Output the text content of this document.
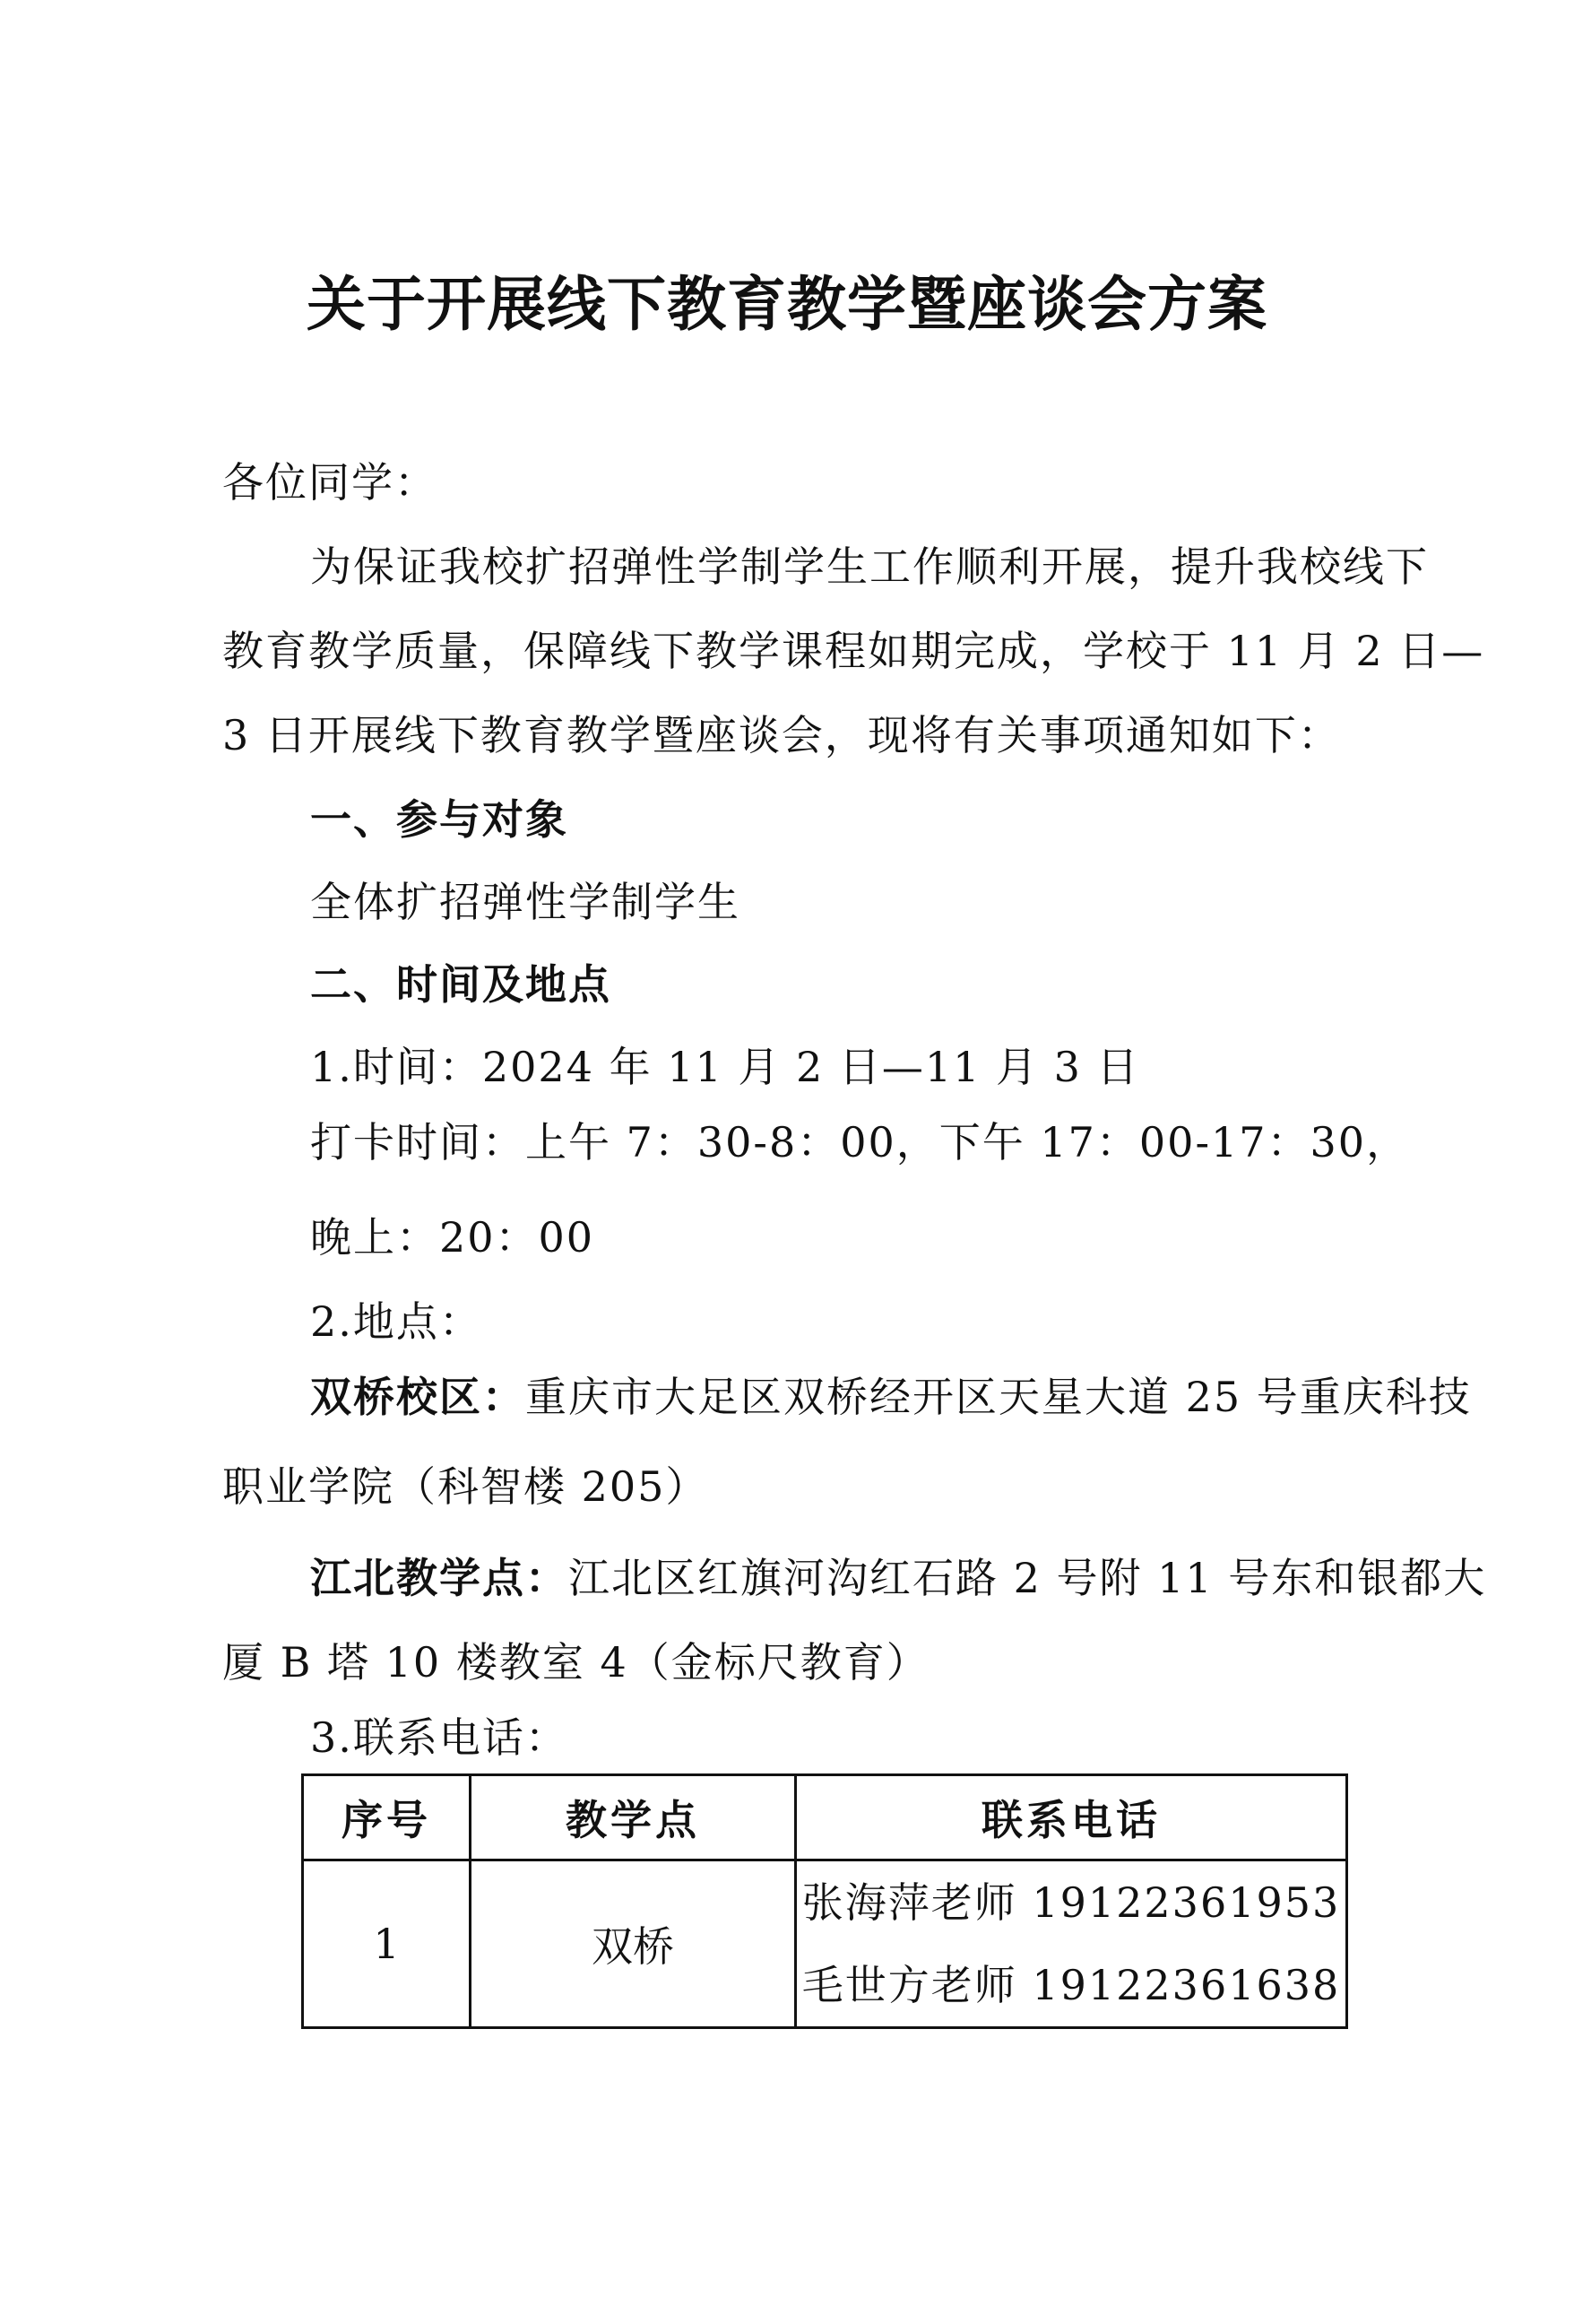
关于开展线下教育教学暨座谈会方案
各位同学：
为保证我校扩招弹性学制学生工作顺利开展，提升我校线下
教育教学质量，保障线下教学课程如期完成，学校于 11 月 2 日—
3 日开展线下教育教学暨座谈会，现将有关事项通知如下：
一、参与对象
全体扩招弹性学制学生
二、时间及地点
1.时间：2024 年 11 月 2 日—11 月 3 日
打卡时间：上午 7：30-8：00，下午 17：00-17：30，
晚上：20：00
2.地点：
双桥校区：重庆市大足区双桥经开区天星大道 25 号重庆科技
职业学院（科智楼 205）
江北教学点：江北区红旗河沟红石路 2 号附 11 号东和银都大
厦 B 塔 10 楼教室 4（金标尺教育）
3.联系电话：
序号	教学点	联系电话
1	双桥	张海萍老师 19122361953
毛世方老师 19122361638
